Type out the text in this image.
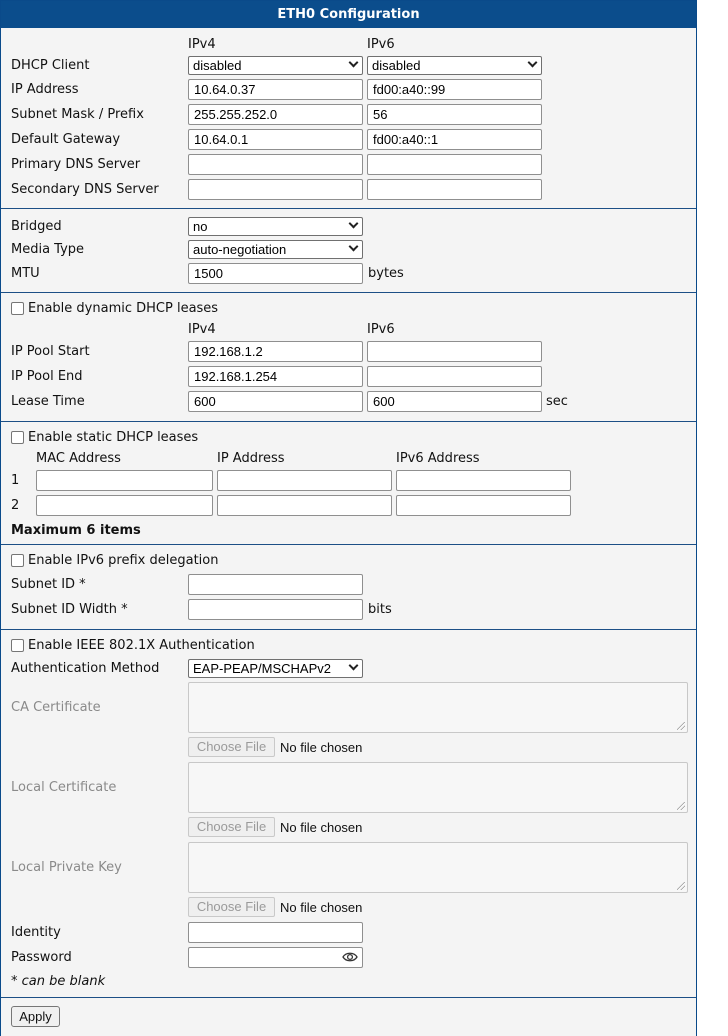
ETH0 Configuration
IPv4	IPv6
DHCP Client	disabled	disabled
IP Address	10.64.0.37	fd00:a40::99
Subnet Mask / Prefix	255.255.252.0	56
Default Gateway	10.64.0.1	fd00:a40::1
Primary DNS Server
Secondary DNS Server
Bridged	no
Media Type	auto-negotiation
MTU	1500	bytes
Enable dynamic DHCP leases
IPv4	IPv6
IP Pool Start	192.168.1.2
IP Pool End	192.168.1.254
Lease Time	600	600	sec
Enable static DHCP leases
MAC Address	IP Address	IPv6 Address
1
2
Maximum 6 items
Enable IPv6 prefix delegation
Subnet ID *
Subnet ID Width *	bits
Enable IEEE 802.1X Authentication
Authentication Method	EAP-PEAP/MSCHAPv2
CA Certificate
Choose File	No file chosen
Local Certificate
Choose File	No file chosen
Local Private Key
Choose File	No file chosen
Identity
Password
* can be blank
Apply
